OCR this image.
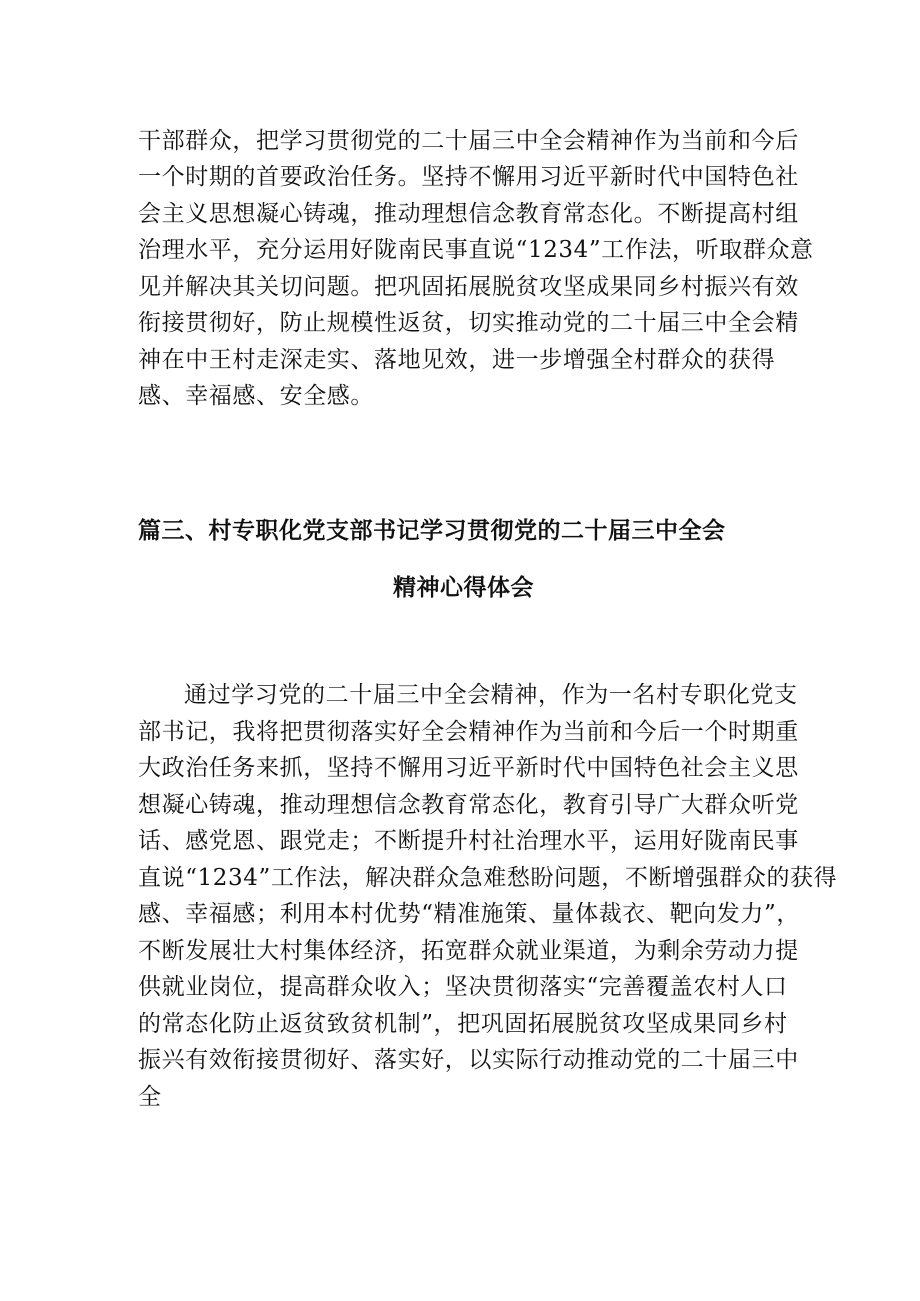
干部群众，把学习贯彻党的二十届三中全会精神作为当前和今后
一个时期的首要政治任务。坚持不懈用习近平新时代中国特色社
会主义思想凝心铸魂，推动理想信念教育常态化。不断提高村组
治理水平，充分运用好陇南民事直说“1234”工作法，听取群众意
见并解决其关切问题。把巩固拓展脱贫攻坚成果同乡村振兴有效
衔接贯彻好，防止规模性返贫，切实推动党的二十届三中全会精
神在中王村走深走实、落地见效，进一步增强全村群众的获得
感、幸福感、安全感。
篇三、村专职化党支部书记学习贯彻党的二十届三中全会
精神心得体会
通过学习党的二十届三中全会精神，作为一名村专职化党支
部书记，我将把贯彻落实好全会精神作为当前和今后一个时期重
大政治任务来抓，坚持不懈用习近平新时代中国特色社会主义思
想凝心铸魂，推动理想信念教育常态化，教育引导广大群众听党
话、感党恩、跟党走；不断提升村社治理水平，运用好陇南民事
直说“1234”工作法，解决群众急难愁盼问题，不断增强群众的获得
感、幸福感；利用本村优势“精准施策、量体裁衣、靶向发力”，
不断发展壮大村集体经济，拓宽群众就业渠道，为剩余劳动力提
供就业岗位，提高群众收入；坚决贯彻落实“完善覆盖农村人口
的常态化防止返贫致贫机制”，把巩固拓展脱贫攻坚成果同乡村
振兴有效衔接贯彻好、落实好，以实际行动推动党的二十届三中
全
